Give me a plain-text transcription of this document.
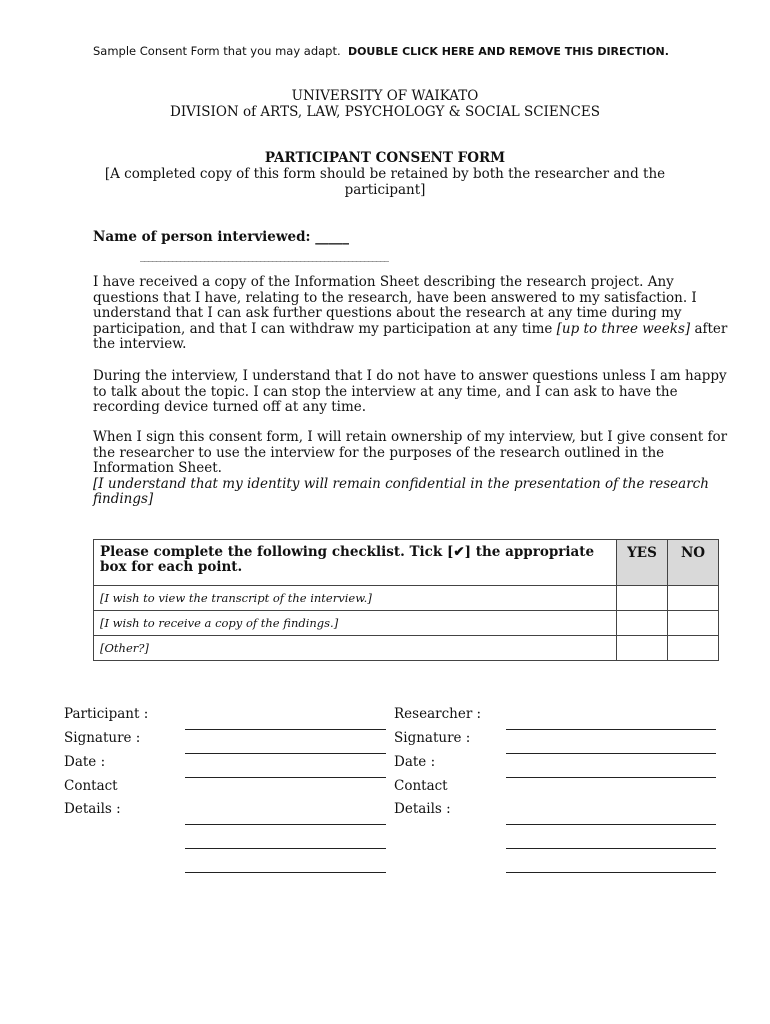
Sample Consent Form that you may adapt. DOUBLE CLICK HERE AND REMOVE THIS DIRECTION.
UNIVERSITY OF WAIKATO
DIVISION of ARTS, LAW, PSYCHOLOGY & SOCIAL SCIENCES
PARTICIPANT CONSENT FORM
[A completed copy of this form should be retained by both the researcher and the participant]
Name of person interviewed: _____
______________________________________________________________
I have received a copy of the Information Sheet describing the research project. Any questions that I have, relating to the research, have been answered to my satisfaction. I understand that I can ask further questions about the research at any time during my participation, and that I can withdraw my participation at any time [up to three weeks] after the interview.
During the interview, I understand that I do not have to answer questions unless I am happy to talk about the topic. I can stop the interview at any time, and I can ask to have the recording device turned off at any time.
When I sign this consent form, I will retain ownership of my interview, but I give consent for the researcher to use the interview for the purposes of the research outlined in the Information Sheet.
[I understand that my identity will remain confidential in the presentation of the research findings]
Please complete the following checklist. Tick [✔] the appropriate box for each point.	YES	NO
[I wish to view the transcript of the interview.]		
[I wish to receive a copy of the findings.]		
[Other?]		
Participant :
Signature :
Date :
Contact
Details :
Researcher :
Signature :
Date :
Contact
Details :
